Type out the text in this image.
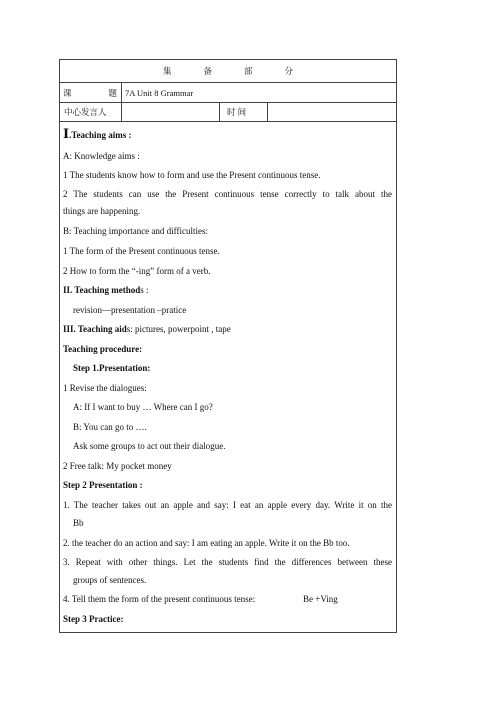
集	备	部	分
课	题 7A Unit 8 Grammar
中心发言人	时 间
Ⅰ.Teaching aims :
A: Knowledge aims :
1 The students know how to form and use the Present continuous tense.
2 The students can use the Present continuous tense correctly to talk about the
things are happening.
B: Teaching importance and difficulties:
1 The form of the Present continuous tense.
2 How to form the “-ing” form of a verb.
II. Teaching methods :
revision—presentation –pratice
III. Teaching aids: pictures, powerpoint , tape
Teaching procedure:
Step 1.Presentation:
1 Revise the dialogues:
A: If I want to buy … Where can I go?
B: You can go to ….
Ask some groups to act out their dialogue.
2 Free talk: My pocket money
Step 2 Presentation :
1. The teacher takes out an apple and say: I eat an apple every day. Write it on the
Bb
2. the teacher do an action and say: I am eating an apple. Write it on the Bb too.
3. Repeat with other things. Let the students find the differences between these
groups of sentences.
4. Tell them the form of the present continuous tense:	Be +Ving
Step 3 Practice:
